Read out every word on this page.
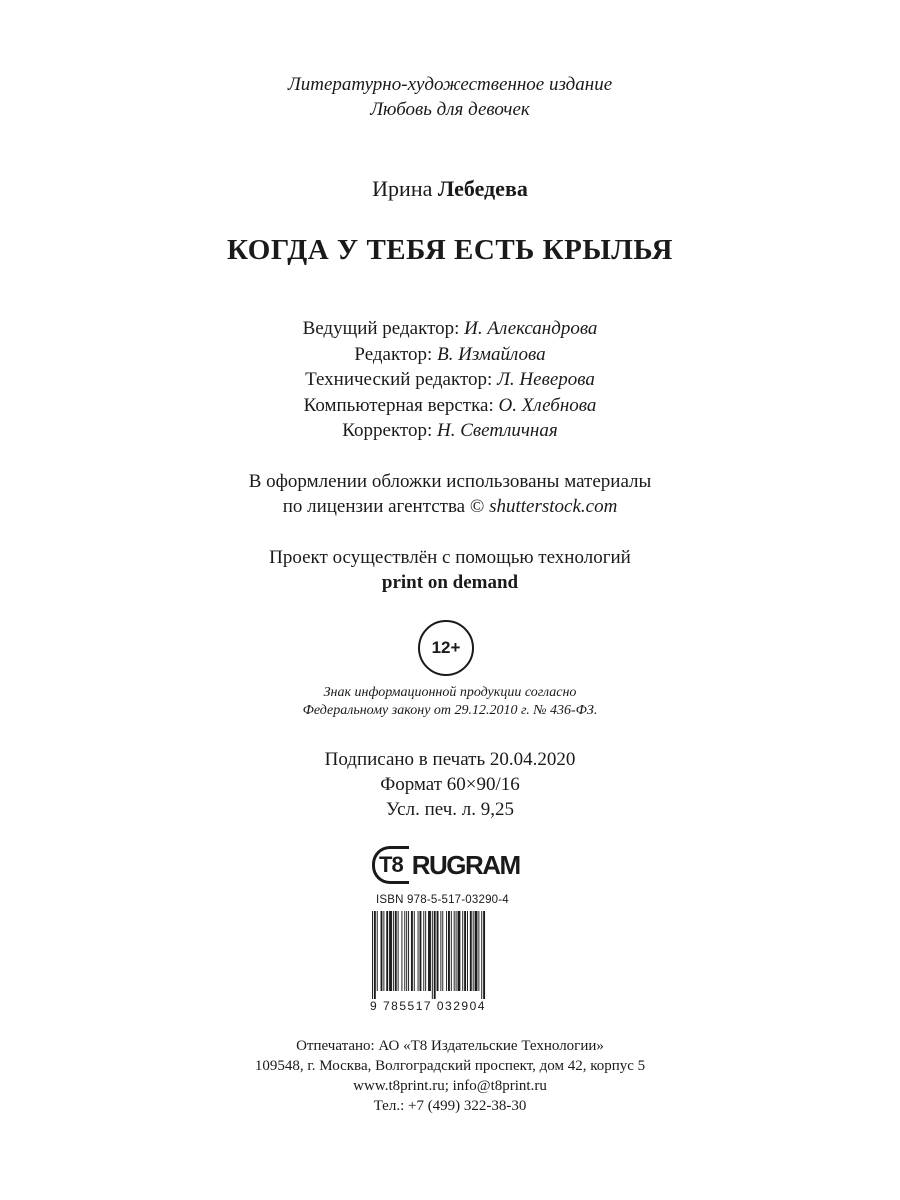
Литературно-художественное издание
Любовь для девочек
Ирина Лебедева
КОГДА У ТЕБЯ ЕСТЬ КРЫЛЬЯ
Ведущий редактор: И. Александрова
Редактор: В. Измайлова
Технический редактор: Л. Неверова
Компьютерная верстка: О. Хлебнова
Корректор: Н. Светличная
В оформлении обложки использованы материалы
по лицензии агентства © shutterstock.com
Проект осуществлён с помощью технологий
print on demand
12+
Знак информационной продукции согласно
Федеральному закону от 29.12.2010 г. № 436-ФЗ.
Подписано в печать 20.04.2020
Формат 60×90/16
Усл. печ. л. 9,25
T8 RUGRAM
ISBN 978-5-517-03290-4
9 785517 032904
Отпечатано: АО «Т8 Издательские Технологии»
109548, г. Москва, Волгоградский проспект, дом 42, корпус 5
www.t8print.ru; info@t8print.ru
Тел.: +7 (499) 322-38-30
